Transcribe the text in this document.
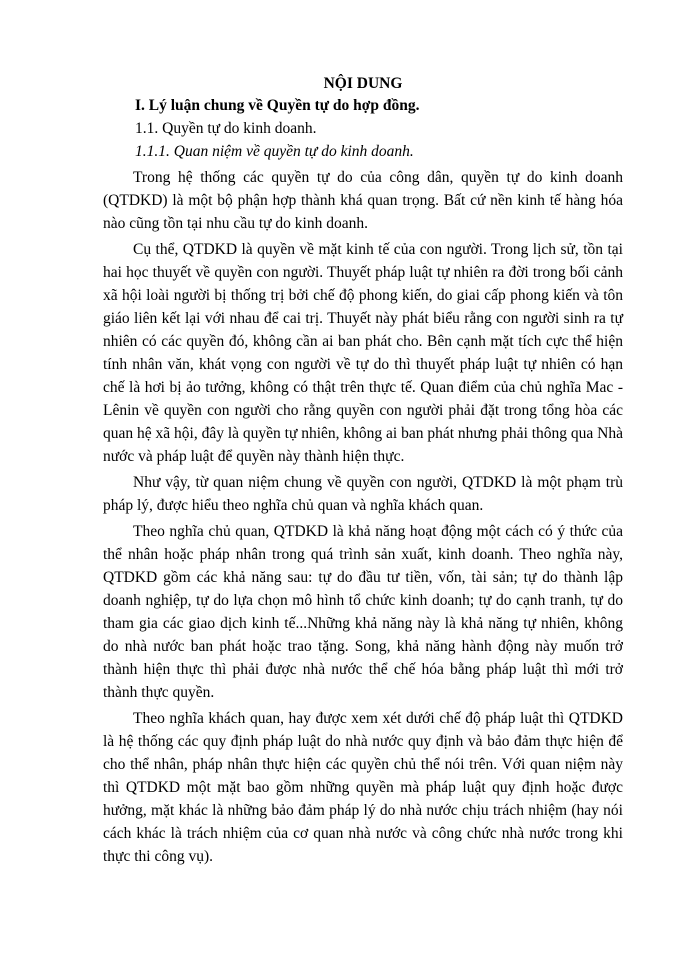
NỘI DUNG

I. Lý luận chung về Quyền tự do hợp đồng.

1.1. Quyền tự do kinh doanh.

1.1.1. Quan niệm về quyền tự do kinh doanh.

Trong hệ thống các quyền tự do của công dân, quyền tự do kinh doanh (QTDKD) là một bộ phận hợp thành khá quan trọng. Bất cứ nền kinh tế hàng hóa nào cũng tồn tại nhu cầu tự do kinh doanh.

Cụ thể, QTDKD là quyền về mặt kinh tế của con người. Trong lịch sử, tồn tại hai học thuyết về quyền con người. Thuyết pháp luật tự nhiên ra đời trong bối cảnh xã hội loài người bị thống trị bởi chế độ phong kiến, do giai cấp phong kiến và tôn giáo liên kết lại với nhau để cai trị. Thuyết này phát biểu rằng con người sinh ra tự nhiên có các quyền đó, không cần ai ban phát cho. Bên cạnh mặt tích cực thể hiện tính nhân văn, khát vọng con người về tự do thì thuyết pháp luật tự nhiên có hạn chế là hơi bị ảo tưởng, không có thật trên thực tế. Quan điểm của chủ nghĩa Mac - Lênin về quyền con người cho rằng quyền con người phải đặt trong tổng hòa các quan hệ xã hội, đây là quyền tự nhiên, không ai ban phát nhưng phải thông qua Nhà nước và pháp luật để quyền này thành hiện thực.

Như vậy, từ quan niệm chung về quyền con người, QTDKD là một phạm trù pháp lý, được hiểu theo nghĩa chủ quan và nghĩa khách quan.

Theo nghĩa chủ quan, QTDKD là khả năng hoạt động một cách có ý thức của thể nhân hoặc pháp nhân trong quá trình sản xuất, kinh doanh. Theo nghĩa này, QTDKD gồm các khả năng sau: tự do đầu tư tiền, vốn, tài sản; tự do thành lập doanh nghiệp, tự do lựa chọn mô hình tổ chức kinh doanh; tự do cạnh tranh, tự do tham gia các giao dịch kinh tế...Những khả năng này là khả năng tự nhiên, không do nhà nước ban phát hoặc trao tặng. Song, khả năng hành động này muốn trở thành hiện thực thì phải được nhà nước thể chế hóa bằng pháp luật thì mới trở thành thực quyền.

Theo nghĩa khách quan, hay được xem xét dưới chế độ pháp luật thì QTDKD là hệ thống các quy định pháp luật do nhà nước quy định và bảo đảm thực hiện để cho thể nhân, pháp nhân thực hiện các quyền chủ thể nói trên. Với quan niệm này thì QTDKD một mặt bao gồm những quyền mà pháp luật quy định hoặc được hưởng, mặt khác là những bảo đảm pháp lý do nhà nước chịu trách nhiệm (hay nói cách khác là trách nhiệm của cơ quan nhà nước và công chức nhà nước trong khi thực thi công vụ).
